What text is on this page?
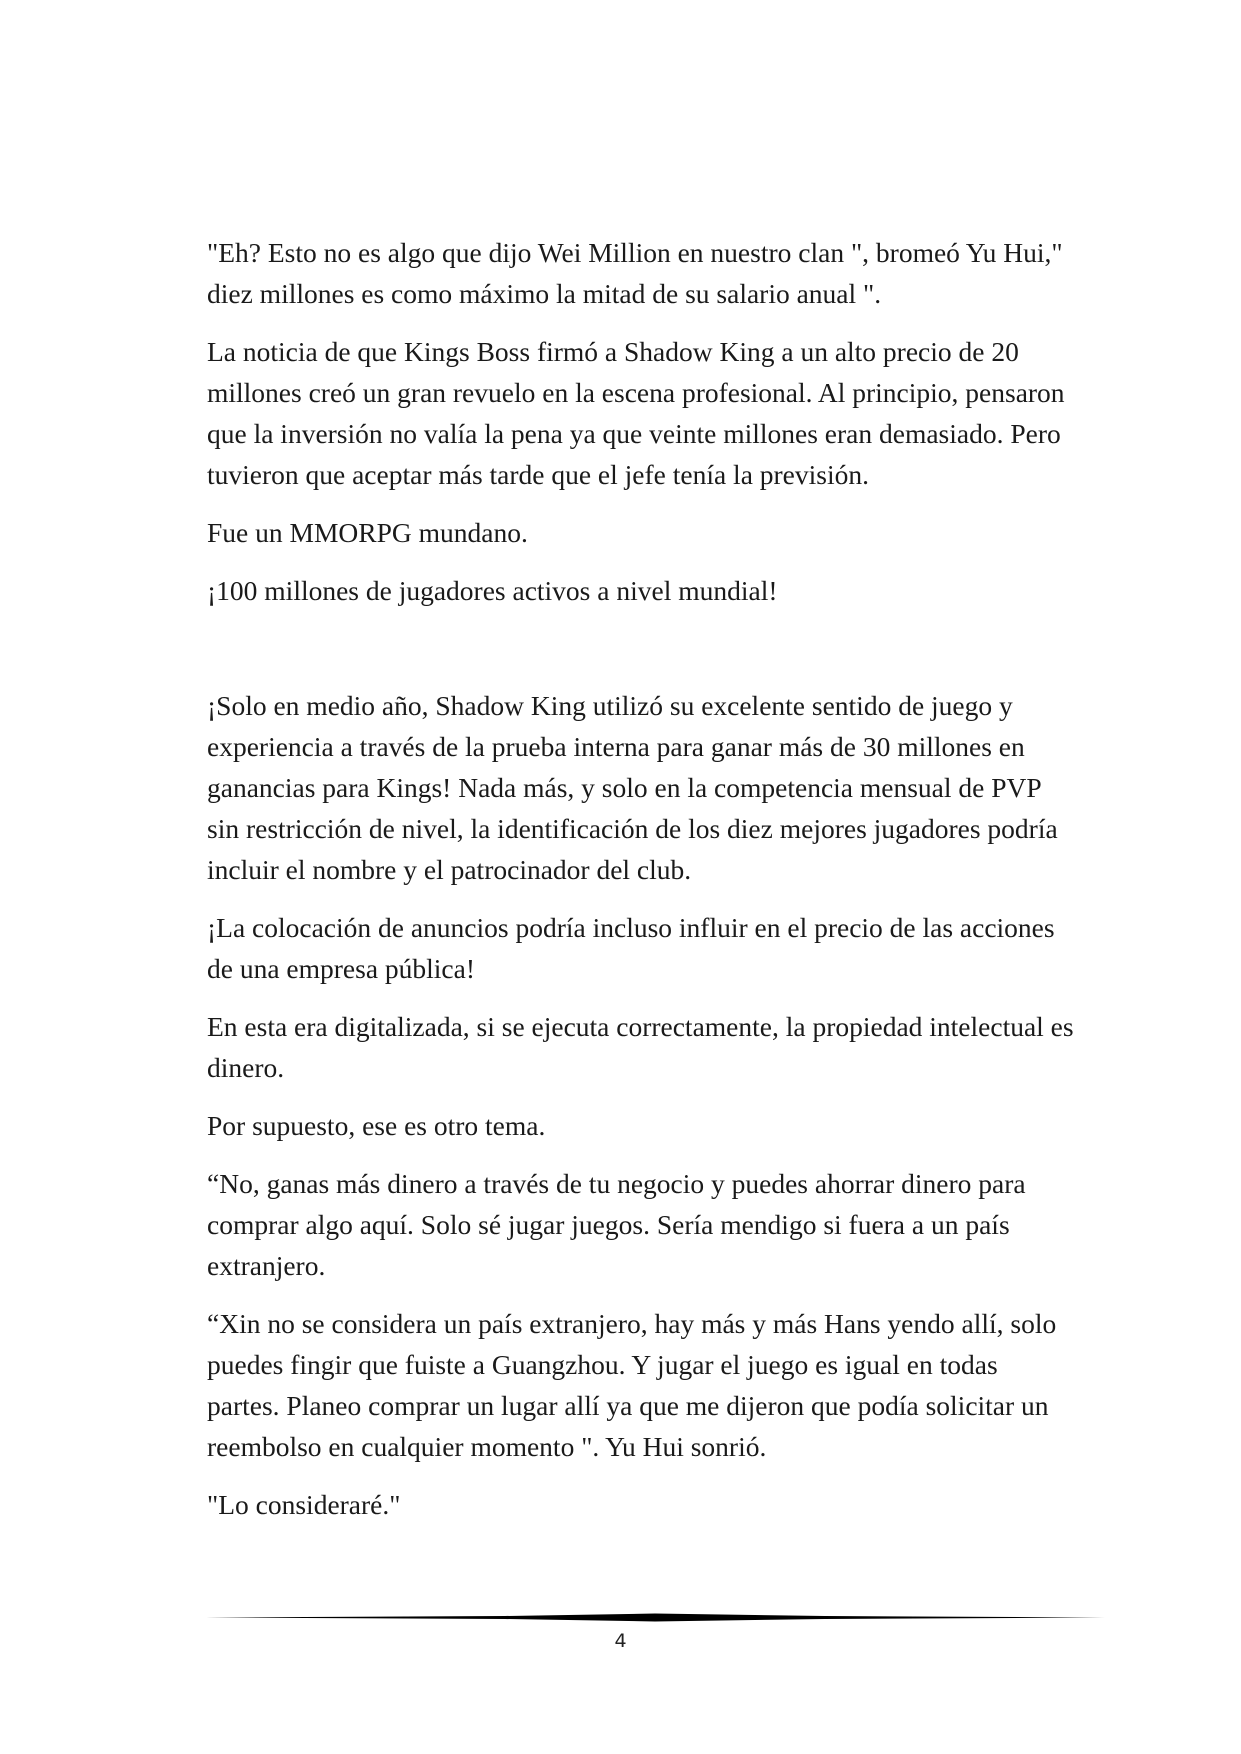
"Eh? Esto no es algo que dijo Wei Million en nuestro clan ", bromeó Yu Hui," diez millones es como máximo la mitad de su salario anual ".

La noticia de que Kings Boss firmó a Shadow King a un alto precio de 20 millones creó un gran revuelo en la escena profesional. Al principio, pensaron que la inversión no valía la pena ya que veinte millones eran demasiado. Pero tuvieron que aceptar más tarde que el jefe tenía la previsión.

Fue un MMORPG mundano.

¡100 millones de jugadores activos a nivel mundial!

¡Solo en medio año, Shadow King utilizó su excelente sentido de juego y experiencia a través de la prueba interna para ganar más de 30 millones en ganancias para Kings! Nada más, y solo en la competencia mensual de PVP sin restricción de nivel, la identificación de los diez mejores jugadores podría incluir el nombre y el patrocinador del club.

¡La colocación de anuncios podría incluso influir en el precio de las acciones de una empresa pública!

En esta era digitalizada, si se ejecuta correctamente, la propiedad intelectual es dinero.

Por supuesto, ese es otro tema.

“No, ganas más dinero a través de tu negocio y puedes ahorrar dinero para comprar algo aquí. Solo sé jugar juegos. Sería mendigo si fuera a un país extranjero.

“Xin no se considera un país extranjero, hay más y más Hans yendo allí, solo puedes fingir que fuiste a Guangzhou. Y jugar el juego es igual en todas partes. Planeo comprar un lugar allí ya que me dijeron que podía solicitar un reembolso en cualquier momento ". Yu Hui sonrió.

"Lo consideraré."

4
